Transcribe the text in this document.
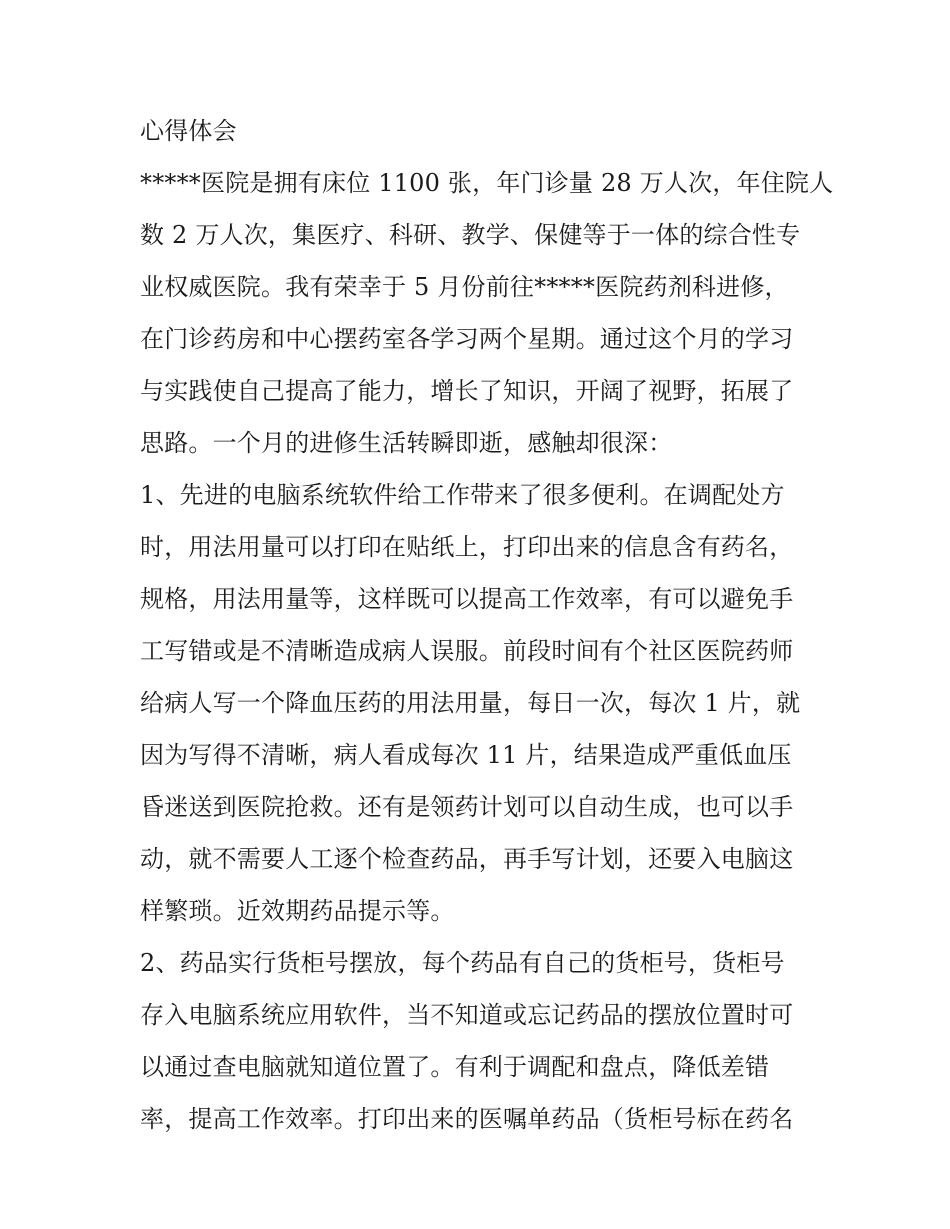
心得体会
*****医院是拥有床位 1100 张，年门诊量 28 万人次，年住院人
数 2 万人次，集医疗、科研、教学、保健等于一体的综合性专
业权威医院。我有荣幸于 5 月份前往*****医院药剂科进修，
在门诊药房和中心摆药室各学习两个星期。通过这个月的学习
与实践使自己提高了能力，增长了知识，开阔了视野，拓展了
思路。一个月的进修生活转瞬即逝，感触却很深：
1、先进的电脑系统软件给工作带来了很多便利。在调配处方
时，用法用量可以打印在贴纸上，打印出来的信息含有药名，
规格，用法用量等，这样既可以提高工作效率，有可以避免手
工写错或是不清晰造成病人误服。前段时间有个社区医院药师
给病人写一个降血压药的用法用量，每日一次，每次 1 片，就
因为写得不清晰，病人看成每次 11 片，结果造成严重低血压
昏迷送到医院抢救。还有是领药计划可以自动生成，也可以手
动，就不需要人工逐个检查药品，再手写计划，还要入电脑这
样繁琐。近效期药品提示等。
2、药品实行货柜号摆放，每个药品有自己的货柜号，货柜号
存入电脑系统应用软件，当不知道或忘记药品的摆放位置时可
以通过查电脑就知道位置了。有利于调配和盘点，降低差错
率，提高工作效率。打印出来的医嘱单药品（货柜号标在药名
